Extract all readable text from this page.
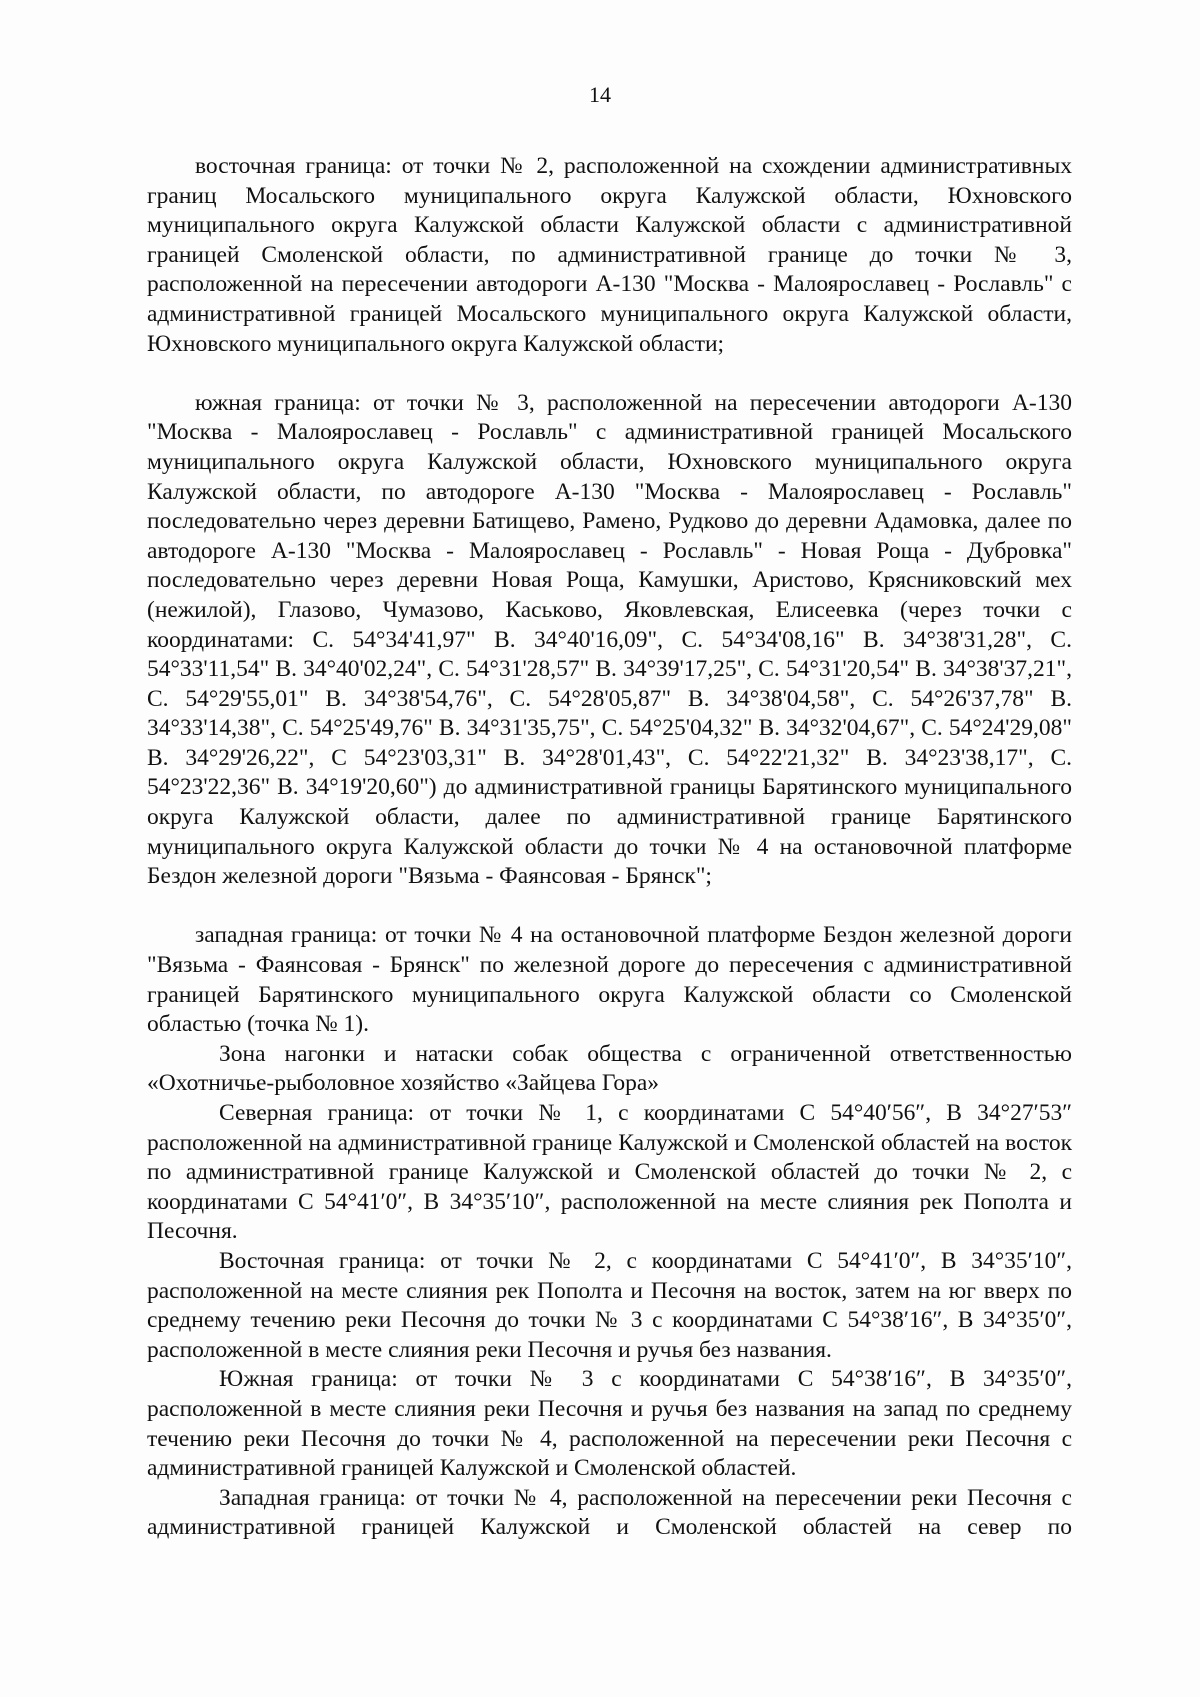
14

восточная граница: от точки № 2, расположенной на схождении административных границ Мосальского муниципального округа Калужской области, Юхновского муниципального округа Калужской области Калужской области с административной границей Смоленской области, по административной границе до точки № 3, расположенной на пересечении автодороги А-130 "Москва - Малоярославец - Рославль" с административной границей Мосальского муниципального округа Калужской области, Юхновского муниципального округа Калужской области;

южная граница: от точки № 3, расположенной на пересечении автодороги А-130 "Москва - Малоярославец - Рославль" с административной границей Мосальского муниципального округа Калужской области, Юхновского муниципального округа Калужской области, по автодороге А-130 "Москва - Малоярославец - Рославль" последовательно через деревни Батищево, Рамено, Рудково до деревни Адамовка, далее по автодороге А-130 "Москва - Малоярославец - Рославль" - Новая Роща - Дубровка" последовательно через деревни Новая Роща, Камушки, Аристово, Крясниковский мех (нежилой), Глазово, Чумазово, Каськово, Яковлевская, Елисеевка (через точки с координатами: С. 54°34'41,97" В. 34°40'16,09", С. 54°34'08,16" В. 34°38'31,28", С. 54°33'11,54" В. 34°40'02,24", С. 54°31'28,57" В. 34°39'17,25", С. 54°31'20,54" В. 34°38'37,21", С. 54°29'55,01" В. 34°38'54,76", С. 54°28'05,87" В. 34°38'04,58", С. 54°26'37,78" В. 34°33'14,38", С. 54°25'49,76" В. 34°31'35,75", С. 54°25'04,32" В. 34°32'04,67", С. 54°24'29,08" В. 34°29'26,22", С 54°23'03,31" В. 34°28'01,43", С. 54°22'21,32" В. 34°23'38,17", С. 54°23'22,36" В. 34°19'20,60") до административной границы Барятинского муниципального округа Калужской области, далее по административной границе Барятинского муниципального округа Калужской области до точки № 4 на остановочной платформе Бездон железной дороги "Вязьма - Фаянсовая - Брянск";

западная граница: от точки № 4 на остановочной платформе Бездон железной дороги "Вязьма - Фаянсовая - Брянск" по железной дороге до пересечения с административной границей Барятинского муниципального округа Калужской области со Смоленской областью (точка № 1).

Зона нагонки и натаски собак общества с ограниченной ответственностью «Охотничье-рыболовное хозяйство «Зайцева Гора»

Северная граница: от точки № 1, с координатами С 54°40′56″, В 34°27′53″ расположенной на административной границе Калужской и Смоленской областей на восток по административной границе Калужской и Смоленской областей до точки № 2, с координатами С 54°41′0″, В 34°35′10″, расположенной на месте слияния рек Пополта и Песочня.

Восточная граница: от точки № 2, с координатами С 54°41′0″, В 34°35′10″, расположенной на месте слияния рек Пополта и Песочня на восток, затем на юг вверх по среднему течению реки Песочня до точки № 3 с координатами С 54°38′16″, В 34°35′0″, расположенной в месте слияния реки Песочня и ручья без названия.

Южная граница: от точки № 3 с координатами С 54°38′16″, В 34°35′0″, расположенной в месте слияния реки Песочня и ручья без названия на запад по среднему течению реки Песочня до точки № 4, расположенной на пересечении реки Песочня с административной границей Калужской и Смоленской областей.

Западная граница: от точки № 4, расположенной на пересечении реки Песочня с административной границей Калужской и Смоленской областей на север по
